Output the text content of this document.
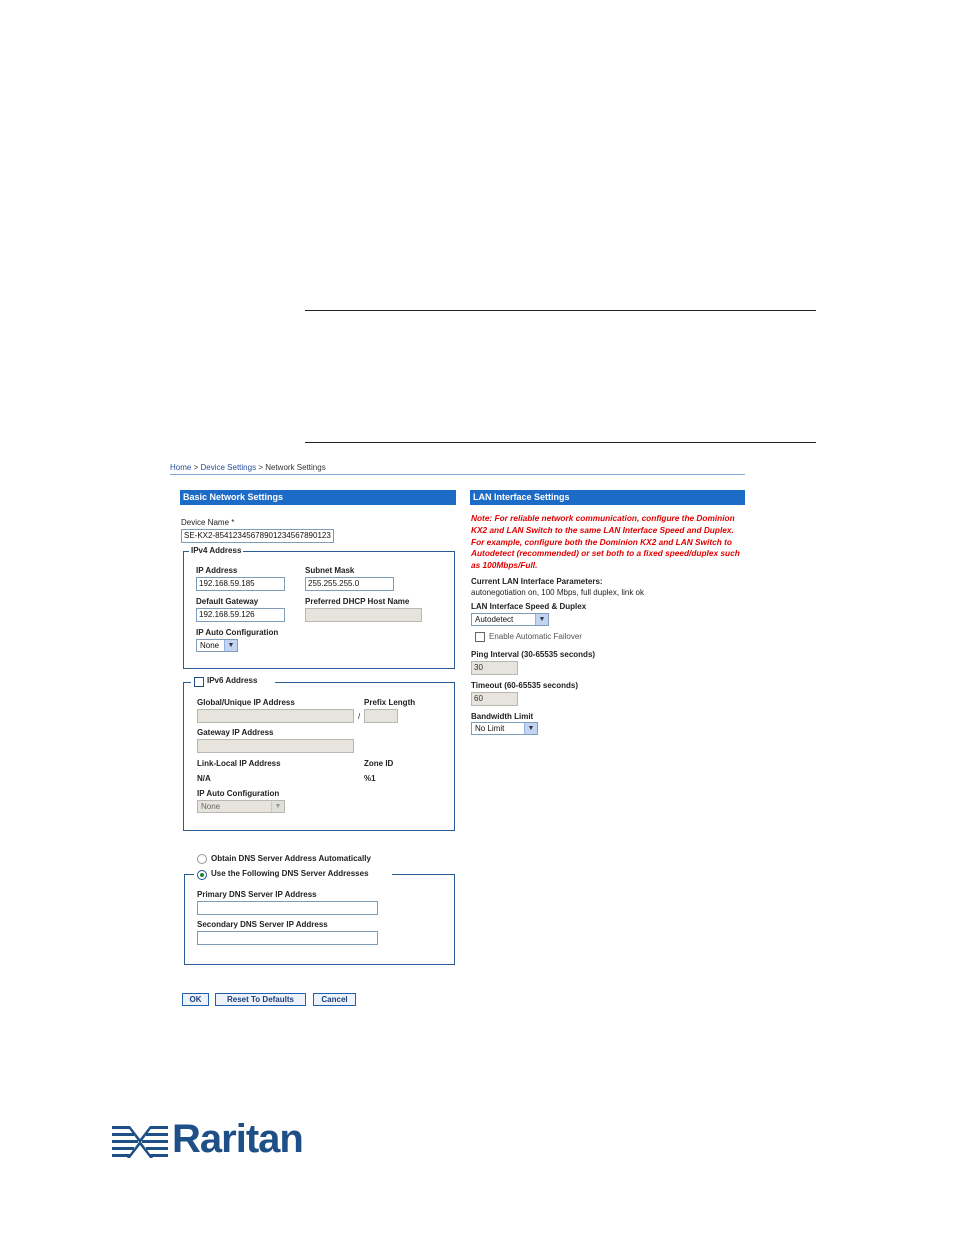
Home > Device Settings > Network Settings
Basic Network Settings
Device Name *
SE-KX2-85412345678901234567890123
IPv4 Address
IP Address
192.168.59.185
Subnet Mask
255.255.255.0
Default Gateway
192.168.59.126
Preferred DHCP Host Name
IP Auto Configuration
None	▼
IPv6 Address
Global/Unique IP Address
/
Prefix Length
Gateway IP Address
Link-Local IP Address	Zone ID
N/A	%1
IP Auto Configuration
None	▼
Obtain DNS Server Address Automatically
Use the Following DNS Server Addresses
Primary DNS Server IP Address
Secondary DNS Server IP Address
OK	Reset To Defaults	Cancel
LAN Interface Settings
Note: For reliable network communication, configure the Dominion KX2 and LAN Switch to the same LAN Interface Speed and Duplex. For example, configure both the Dominion KX2 and LAN Switch to Autodetect (recommended) or set both to a fixed speed/duplex such as 100Mbps/Full.
Current LAN Interface Parameters:
autonegotiation on, 100 Mbps, full duplex, link ok
LAN Interface Speed & Duplex
Autodetect	▼
Enable Automatic Failover
Ping Interval (30-65535 seconds)
30
Timeout (60-65535 seconds)
60
Bandwidth Limit
No Limit	▼
Raritan
